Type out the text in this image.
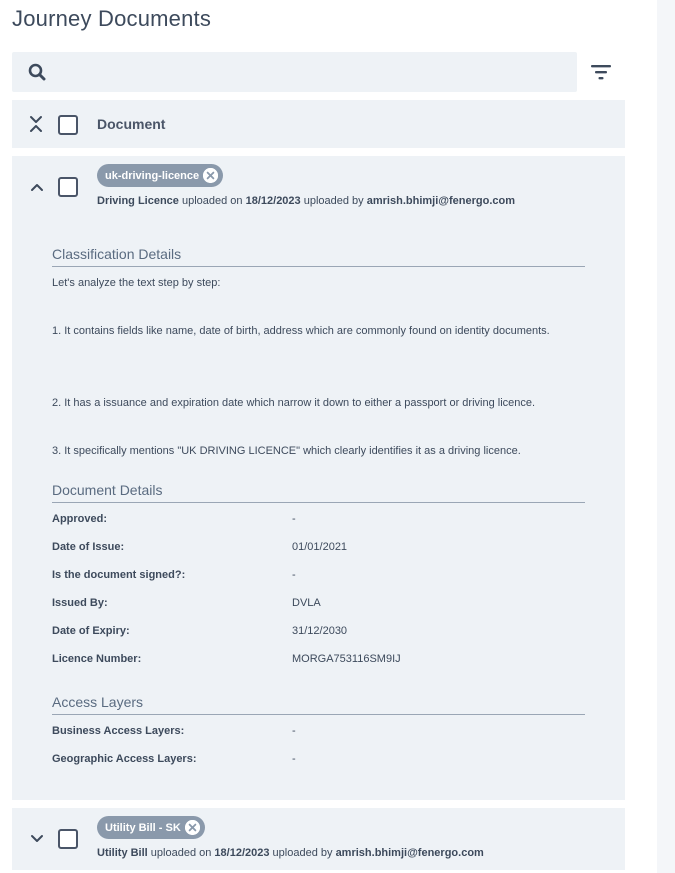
Journey Documents
Document
uk-driving-licence
Driving Licence uploaded on 18/12/2023 uploaded by amrish.bhimji@fenergo.com
Classification Details
Let's analyze the text step by step:
1. It contains fields like name, date of birth, address which are commonly found on identity documents.
2. It has a issuance and expiration date which narrow it down to either a passport or driving licence.
3. It specifically mentions "UK DRIVING LICENCE" which clearly identifies it as a driving licence.
Document Details
Approved:	-
Date of Issue:	01/01/2021
Is the document signed?:	-
Issued By:	DVLA
Date of Expiry:	31/12/2030
Licence Number:	MORGA753116SM9IJ
Access Layers
Business Access Layers:	-
Geographic Access Layers:	-
Utility Bill - SK
Utility Bill uploaded on 18/12/2023 uploaded by amrish.bhimji@fenergo.com
